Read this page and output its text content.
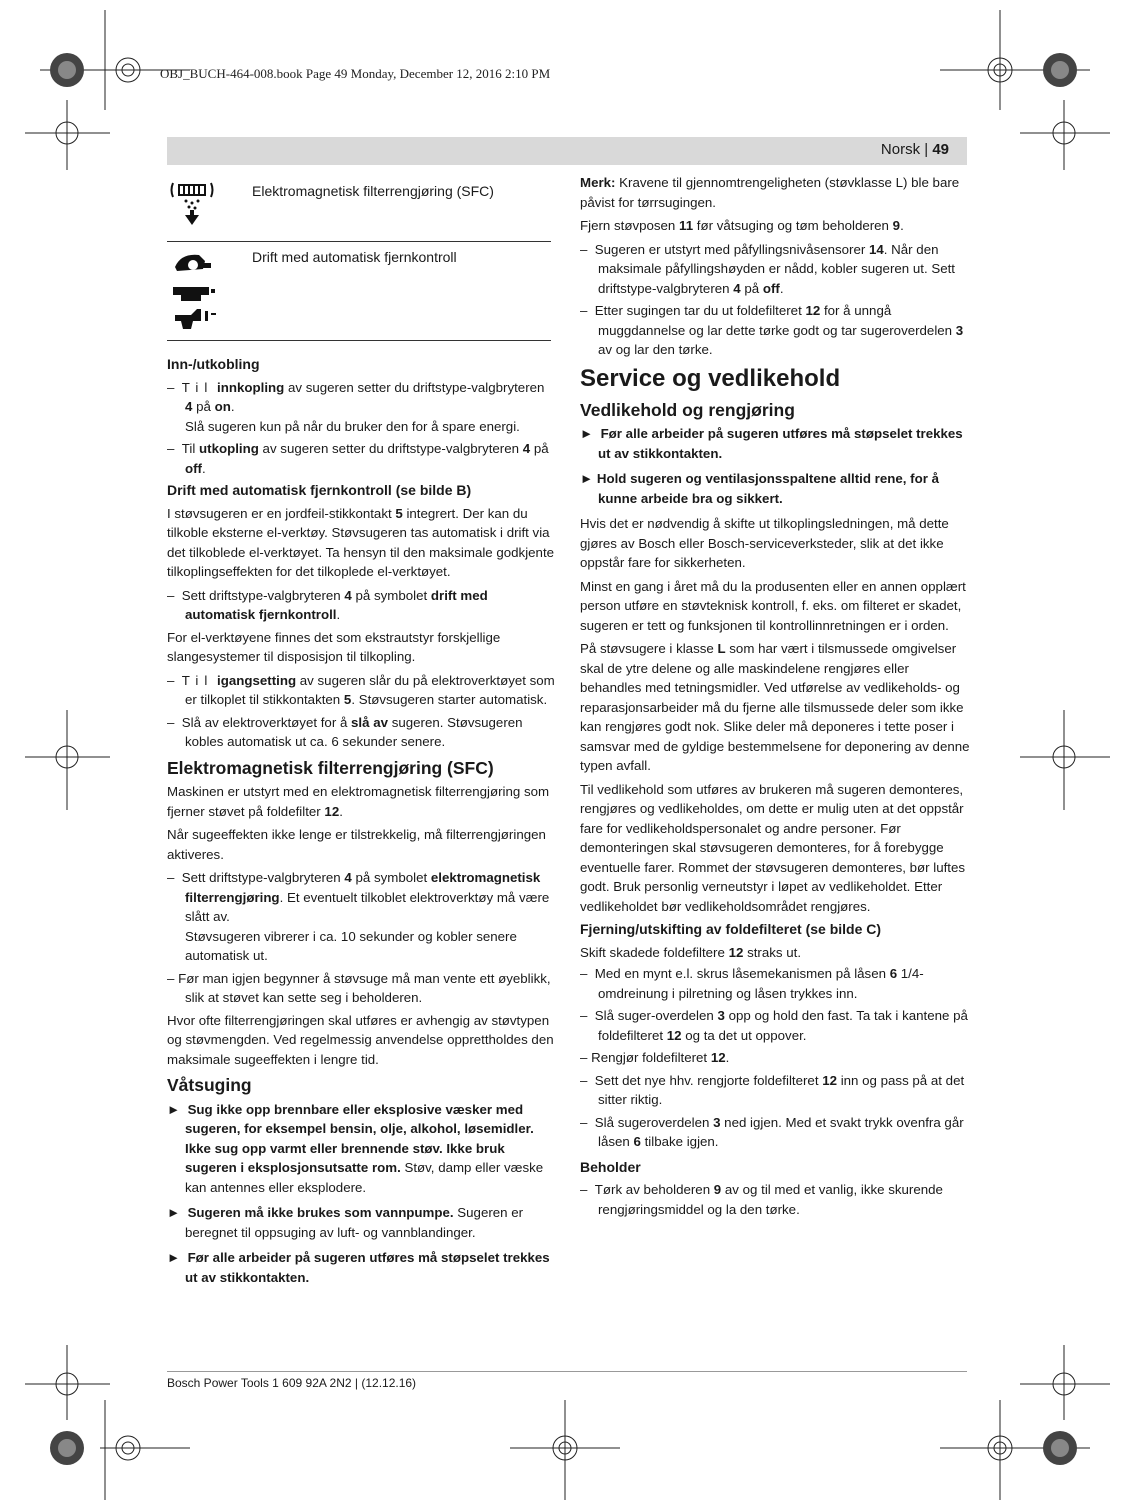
OBJ_BUCH-464-008.book Page 49 Monday, December 12, 2016 2:10 PM
Norsk | 49
Elektromagnetisk filterrengjøring (SFC)
Drift med automatisk fjernkontroll
Inn-/utkobling
–  Til innkopling av sugeren setter du driftstype-valgbryteren 4 på on.
Slå sugeren kun på når du bruker den for å spare energi.
–  Til utkopling av sugeren setter du driftstype-valgbryteren 4 på off.
Drift med automatisk fjernkontroll (se bilde B)

I støvsugeren er en jordfeil-stikkontakt 5 integrert. Der kan du tilkoble eksterne el-verktøy. Støvsugeren tas automatisk i drift via det tilkoblede el-verktøyet. Ta hensyn til den maksimale godkjente tilkoplingseffekten for det tilkoplede el-verktøyet.

–  Sett driftstype-valgbryteren 4 på symbolet drift med automatisk fjernkontroll.

For el-verktøyene finnes det som ekstrautstyr forskjellige slangesystemer til disposisjon til tilkopling.

–  Til igangsetting av sugeren slår du på elektroverktøyet som er tilkoplet til stikkontakten 5. Støvsugeren starter automatisk.
–  Slå av elektroverktøyet for å slå av sugeren. Støvsugeren kobles automatisk ut ca. 6 sekunder senere.
Elektromagnetisk filterrengjøring (SFC)

Maskinen er utstyrt med en elektromagnetisk filterrengjøring som fjerner støvet på foldefilter 12.

Når sugeeffekten ikke lenge er tilstrekkelig, må filterrengjøringen aktiveres.

–  Sett driftstype-valgbryteren 4 på symbolet elektromagnetisk filterrengjøring. Et eventuelt tilkoblet elektroverktøy må være slått av.
Støvsugeren vibrerer i ca. 10 sekunder og kobler senere automatisk ut.
– Før man igjen begynner å støvsuge må man vente ett øyeblikk, slik at støvet kan sette seg i beholderen.

Hvor ofte filterrengjøringen skal utføres er avhengig av støvtypen og støvmengden. Ved regelmessig anvendelse opprettholdes den maksimale sugeeffekten i lengre tid.

Våtsuging
►  Sug ikke opp brennbare eller eksplosive væsker med sugeren, for eksempel bensin, olje, alkohol, løsemidler. Ikke sug opp varmt eller brennende støv. Ikke bruk sugeren i eksplosjonsutsatte rom. Støv, damp eller væske kan antennes eller eksplodere.
►  Sugeren må ikke brukes som vannpumpe. Sugeren er beregnet til oppsuging av luft- og vannblandinger.
►  Før alle arbeider på sugeren utføres må støpselet trekkes ut av stikkontakten.

Merk: Kravene til gjennomtrengeligheten (støvklasse L) ble bare påvist for tørrsugingen.

Fjern støvposen 11 før våtsuging og tøm beholderen 9.

–  Sugeren er utstyrt med påfyllingsnivåsensorer 14. Når den maksimale påfyllingshøyden er nådd, kobler sugeren ut. Sett driftstype-valgbryteren 4 på off.
–  Etter sugingen tar du ut foldefilteret 12 for å unngå muggdannelse og lar dette tørke godt og tar sugeroverdelen 3 av og lar den tørke.
Service og vedlikehold
Vedlikehold og rengjøring
►  Før alle arbeider på sugeren utføres må støpselet trekkes ut av stikkontakten.
► Hold sugeren og ventilasjonsspaltene alltid rene, for å kunne arbeide bra og sikkert.

Hvis det er nødvendig å skifte ut tilkoplingsledningen, må dette gjøres av Bosch eller Bosch-serviceverksteder, slik at det ikke oppstår fare for sikkerheten.

Minst en gang i året må du la produsenten eller en annen opplært person utføre en støvteknisk kontroll, f. eks. om filteret er skadet, sugeren er tett og funksjonen til kontrollinnretningen er i orden.

På støvsugere i klasse L som har vært i tilsmussede omgivelser skal de ytre delene og alle maskindelene rengjøres eller behandles med tetningsmidler. Ved utførelse av vedlikeholds- og reparasjonsarbeider må du fjerne alle tilsmussede deler som ikke kan rengjøres godt nok. Slike deler må deponeres i tette poser i samsvar med de gyldige bestemmelsene for deponering av denne typen avfall.

Til vedlikehold som utføres av brukeren må sugeren demonteres, rengjøres og vedlikeholdes, om dette er mulig uten at det oppstår fare for vedlikeholdspersonalet og andre personer. Før demonteringen skal støvsugeren demonteres, for å forebygge eventuelle farer. Rommet der støvsugeren demonteres, bør luftes godt. Bruk personlig verneutstyr i løpet av vedlikeholdet. Etter vedlikeholdet bør vedlikeholdsområdet rengjøres.

Fjerning/utskifting av foldefilteret (se bilde C)

Skift skadede foldefiltere 12 straks ut.

–  Med en mynt e.l. skrus låsemekanismen på låsen 6 1/4-omdreinung i pilretning og låsen trykkes inn.
–  Slå suger-overdelen 3 opp og hold den fast. Ta tak i kantene på foldefilteret 12 og ta det ut oppover.
– Rengjør foldefilteret 12.
–  Sett det nye hhv. rengjorte foldefilteret 12 inn og pass på at det sitter riktig.
–  Slå sugeroverdelen 3 ned igjen. Med et svakt trykk ovenfra går låsen 6 tilbake igjen.
Beholder
–  Tørk av beholderen 9 av og til med et vanlig, ikke skurende rengjøringsmiddel og la den tørke.
Bosch Power Tools 1 609 92A 2N2 | (12.12.16)
